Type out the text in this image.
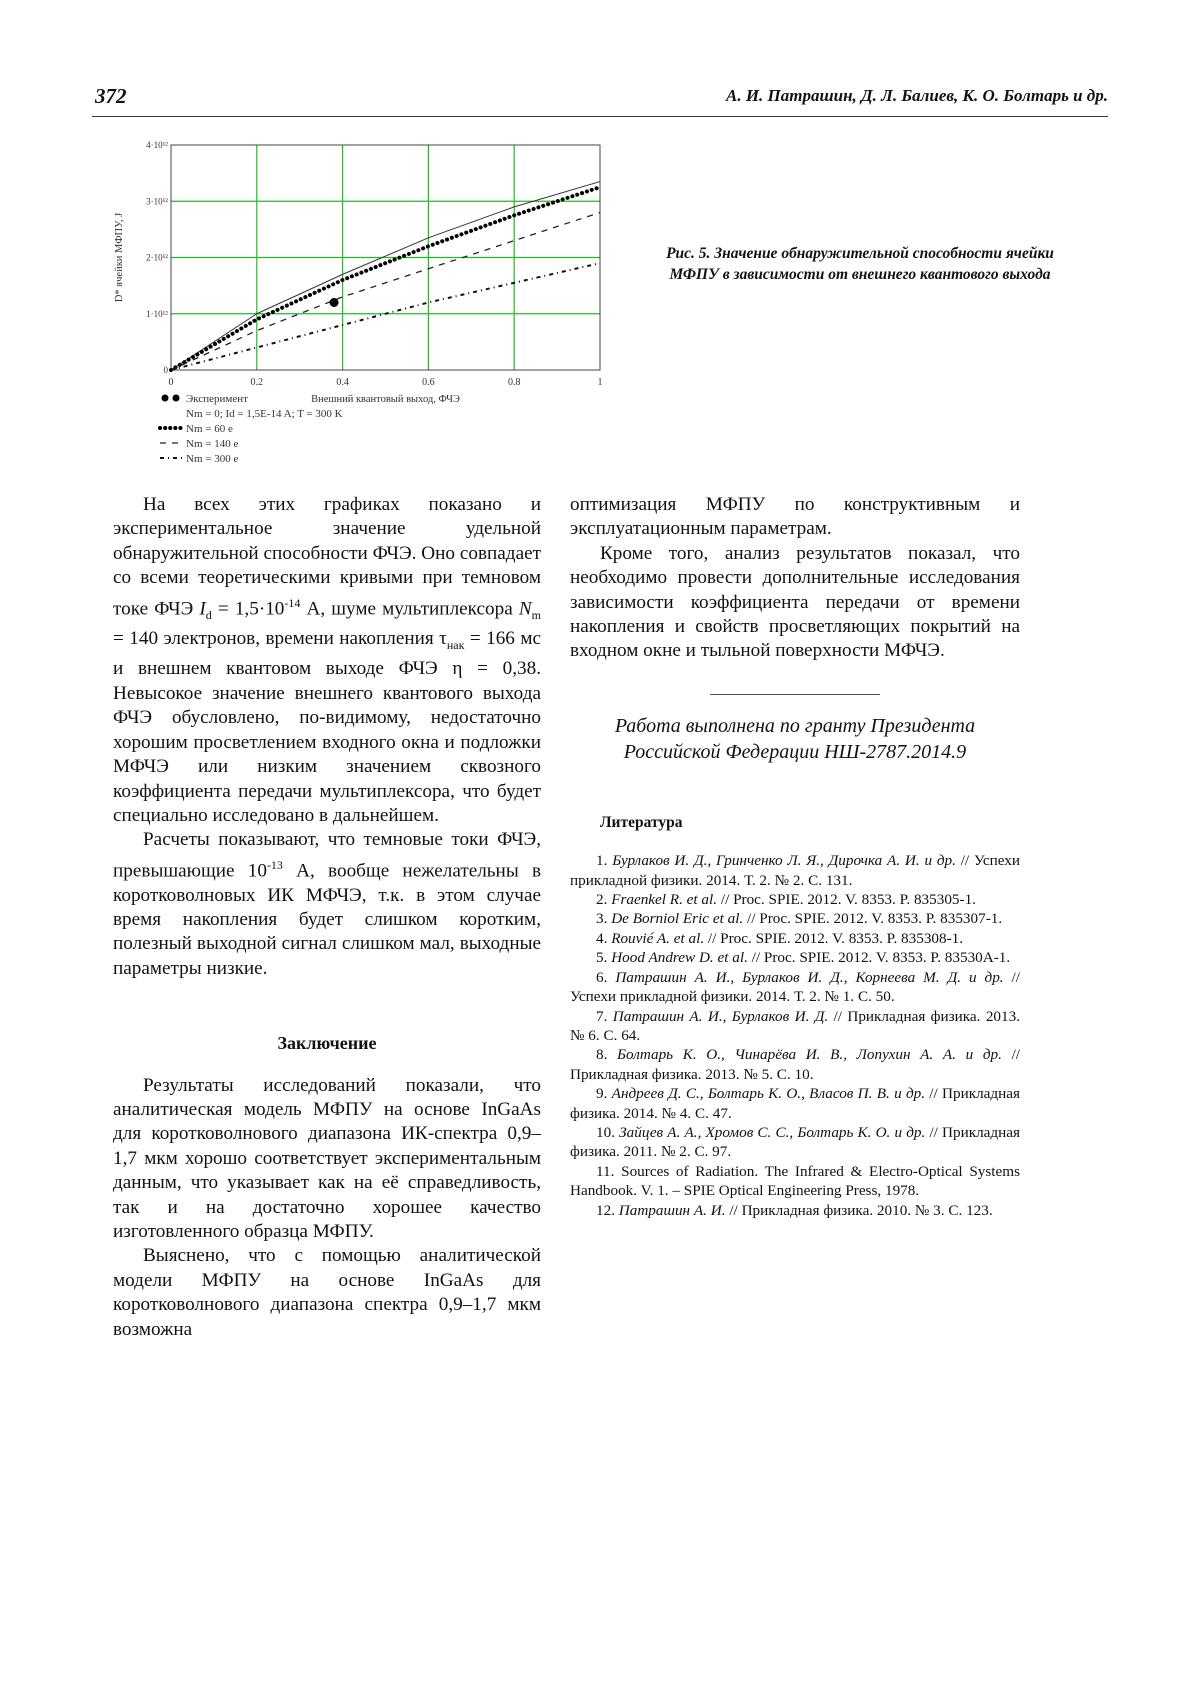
372	А. И. Патрашин, Д. Л. Балиев, К. О. Болтарь и др.
0	0.2	0.4	0.6	0.8	1
0
1·10¹²
2·10¹²
3·10¹²
4·10¹²
Внешний квантовый выход, ФЧЭ
D* ячейки МФПУ, J
Эксперимент
Nm = 0; Id = 1,5E-14 A; T = 300 K
Nm = 60 e
Nm = 140 e
Nm = 300 e
Рис. 5. Значение обнаружительной способности ячейки МФПУ в зависимости от внешнего квантового выхода

На всех этих графиках показано и экспериментальное значение удельной обнаружительной способности ФЧЭ. Оно совпадает со всеми теоретическими кривыми при темновом токе ФЧЭ $I_d = 1,5\cdot 10^{-14}$ А, шуме мультиплексора $N_m = 140$ электронов, времени накопления $\tau_{нак} = 166$ мс и внешнем квантовом выходе ФЧЭ η = 0,38. Невысокое значение внешнего квантового выхода ФЧЭ обусловлено, по-видимому, недостаточно хорошим просветлением входного окна и подложки МФЧЭ или низким значением сквозного коэффициента передачи мультиплексора, что будет специально исследовано в дальнейшем.

Расчеты показывают, что темновые токи ФЧЭ, превышающие $10^{-13}$ А, вообще нежелательны в коротковолновых ИК МФЧЭ, т.к. в этом случае время накопления будет слишком коротким, полезный выходной сигнал слишком мал, выходные параметры низкие.

Заключение

Результаты исследований показали, что аналитическая модель МФПУ на основе InGaAs для коротковолнового диапазона ИК-спектра 0,9–1,7 мкм хорошо соответствует экспериментальным данным, что указывает как на её справедливость, так и на достаточно хорошее качество изготовленного образца МФПУ.

Выяснено, что с помощью аналитической модели МФПУ на основе InGaAs для коротковолнового диапазона спектра 0,9–1,7 мкм возможна

оптимизация МФПУ по конструктивным и эксплуатационным параметрам.

Кроме того, анализ результатов показал, что необходимо провести дополнительные исследования зависимости коэффициента передачи от времени накопления и свойств просветляющих покрытий на входном окне и тыльной поверхности МФЧЭ.

Работа выполнена по гранту Президента Российской Федерации НШ-2787.2014.9

Литература

1. Бурлаков И. Д., Гринченко Л. Я., Дирочка А. И. и др. // Успехи прикладной физики. 2014. Т. 2. № 2. С. 131.

2. Fraenkel R. et al. // Proc. SPIE. 2012. V. 8353. P. 835305-1.

3. De Borniol Eric et al. // Proc. SPIE. 2012. V. 8353. P. 835307-1.

4. Rouvié A. et al. // Proc. SPIE. 2012. V. 8353. P. 835308-1.

5. Hood Andrew D. et al. // Proc. SPIE. 2012. V. 8353. P. 83530A-1.

6. Патрашин А. И., Бурлаков И. Д., Корнеева М. Д. и др. // Успехи прикладной физики. 2014. Т. 2. № 1. С. 50.

7. Патрашин А. И., Бурлаков И. Д. // Прикладная физика. 2013. № 6. С. 64.

8. Болтарь К. О., Чинарёва И. В., Лопухин А. А. и др. // Прикладная физика. 2013. № 5. С. 10.

9. Андреев Д. С., Болтарь К. О., Власов П. В. и др. // Прикладная физика. 2014. № 4. С. 47.

10. Зайцев А. А., Хромов С. С., Болтарь К. О. и др. // Прикладная физика. 2011. № 2. С. 97.

11. Sources of Radiation. The Infrared & Electro-Optical Systems Handbook. V. 1. – SPIE Optical Engineering Press, 1978.

12. Патрашин А. И. // Прикладная физика. 2010. № 3. С. 123.
